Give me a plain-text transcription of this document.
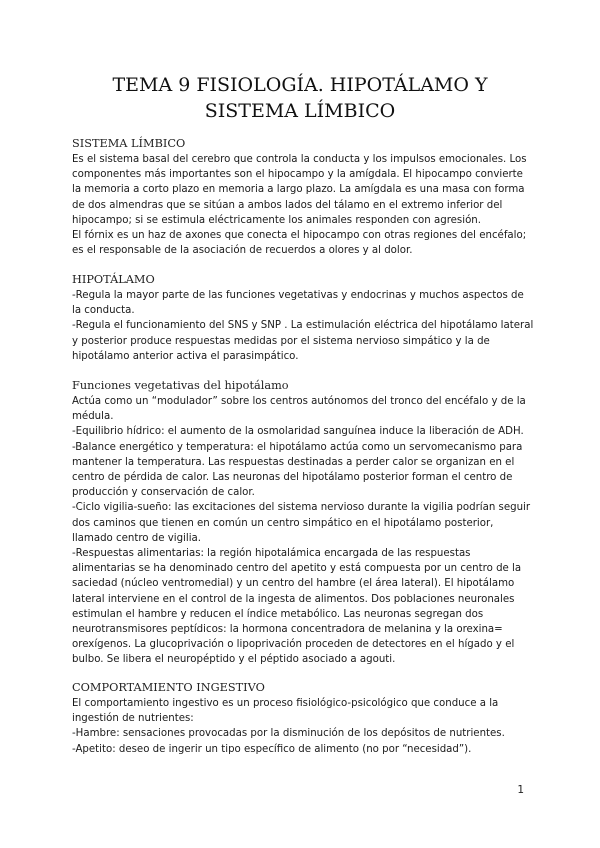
TEMA 9 FISIOLOGÍA. HIPOTÁLAMO Y SISTEMA LÍMBICO
SISTEMA LÍMBICO

Es el sistema basal del cerebro que controla la conducta y los impulsos emocionales. Los componentes más importantes son el hipocampo y la amígdala. El hipocampo convierte la memoria a corto plazo en memoria a largo plazo. La amígdala es una masa con forma de dos almendras que se sitúan a ambos lados del tálamo en el extremo inferior del hipocampo; si se estimula eléctricamente los animales responden con agresión.

El fórnix es un haz de axones que conecta el hipocampo con otras regiones del encéfalo; es el responsable de la asociación de recuerdos a olores y al dolor.

HIPOTÁLAMO

-Regula la mayor parte de las funciones vegetativas y endocrinas y muchos aspectos de la conducta.

-Regula el funcionamiento del SNS y SNP . La estimulación eléctrica del hipotálamo lateral y posterior produce respuestas medidas por el sistema nervioso simpático y la de hipotálamo anterior activa el parasimpático.

Funciones vegetativas del hipotálamo

Actúa como un “modulador” sobre los centros autónomos del tronco del encéfalo y de la médula.

-Equilibrio hídrico: el aumento de la osmolaridad sanguínea induce la liberación de ADH.

-Balance energético y temperatura: el hipotálamo actúa como un servomecanismo para mantener la temperatura. Las respuestas destinadas a perder calor se organizan en el centro de pérdida de calor. Las neuronas del hipotálamo posterior forman el centro de producción y conservación de calor.

-Ciclo vigilia-sueño: las excitaciones del sistema nervioso durante la vigilia podrían seguir dos caminos que tienen en común un centro simpático en el hipotálamo posterior, llamado centro de vigilia.

-Respuestas alimentarias: la región hipotalámica encargada de las respuestas alimentarias se ha denominado centro del apetito y está compuesta por un centro de la saciedad (núcleo ventromedial) y un centro del hambre (el área lateral). El hipotálamo lateral interviene en el control de la ingesta de alimentos. Dos poblaciones neuronales estimulan el hambre y reducen el índice metabólico. Las neuronas segregan dos neurotransmisores peptídicos: la hormona concentradora de melanina y la orexina= orexígenos. La glucoprivación o lipoprivación proceden de detectores en el hígado y el bulbo. Se libera el neuropéptido y el péptido asociado a agouti.

COMPORTAMIENTO INGESTIVO

El comportamiento ingestivo es un proceso fisiológico-psicológico que conduce a la ingestión de nutrientes:

-Hambre: sensaciones provocadas por la disminución de los depósitos de nutrientes.

-Apetito: deseo de ingerir un tipo específico de alimento (no por “necesidad”).

1
